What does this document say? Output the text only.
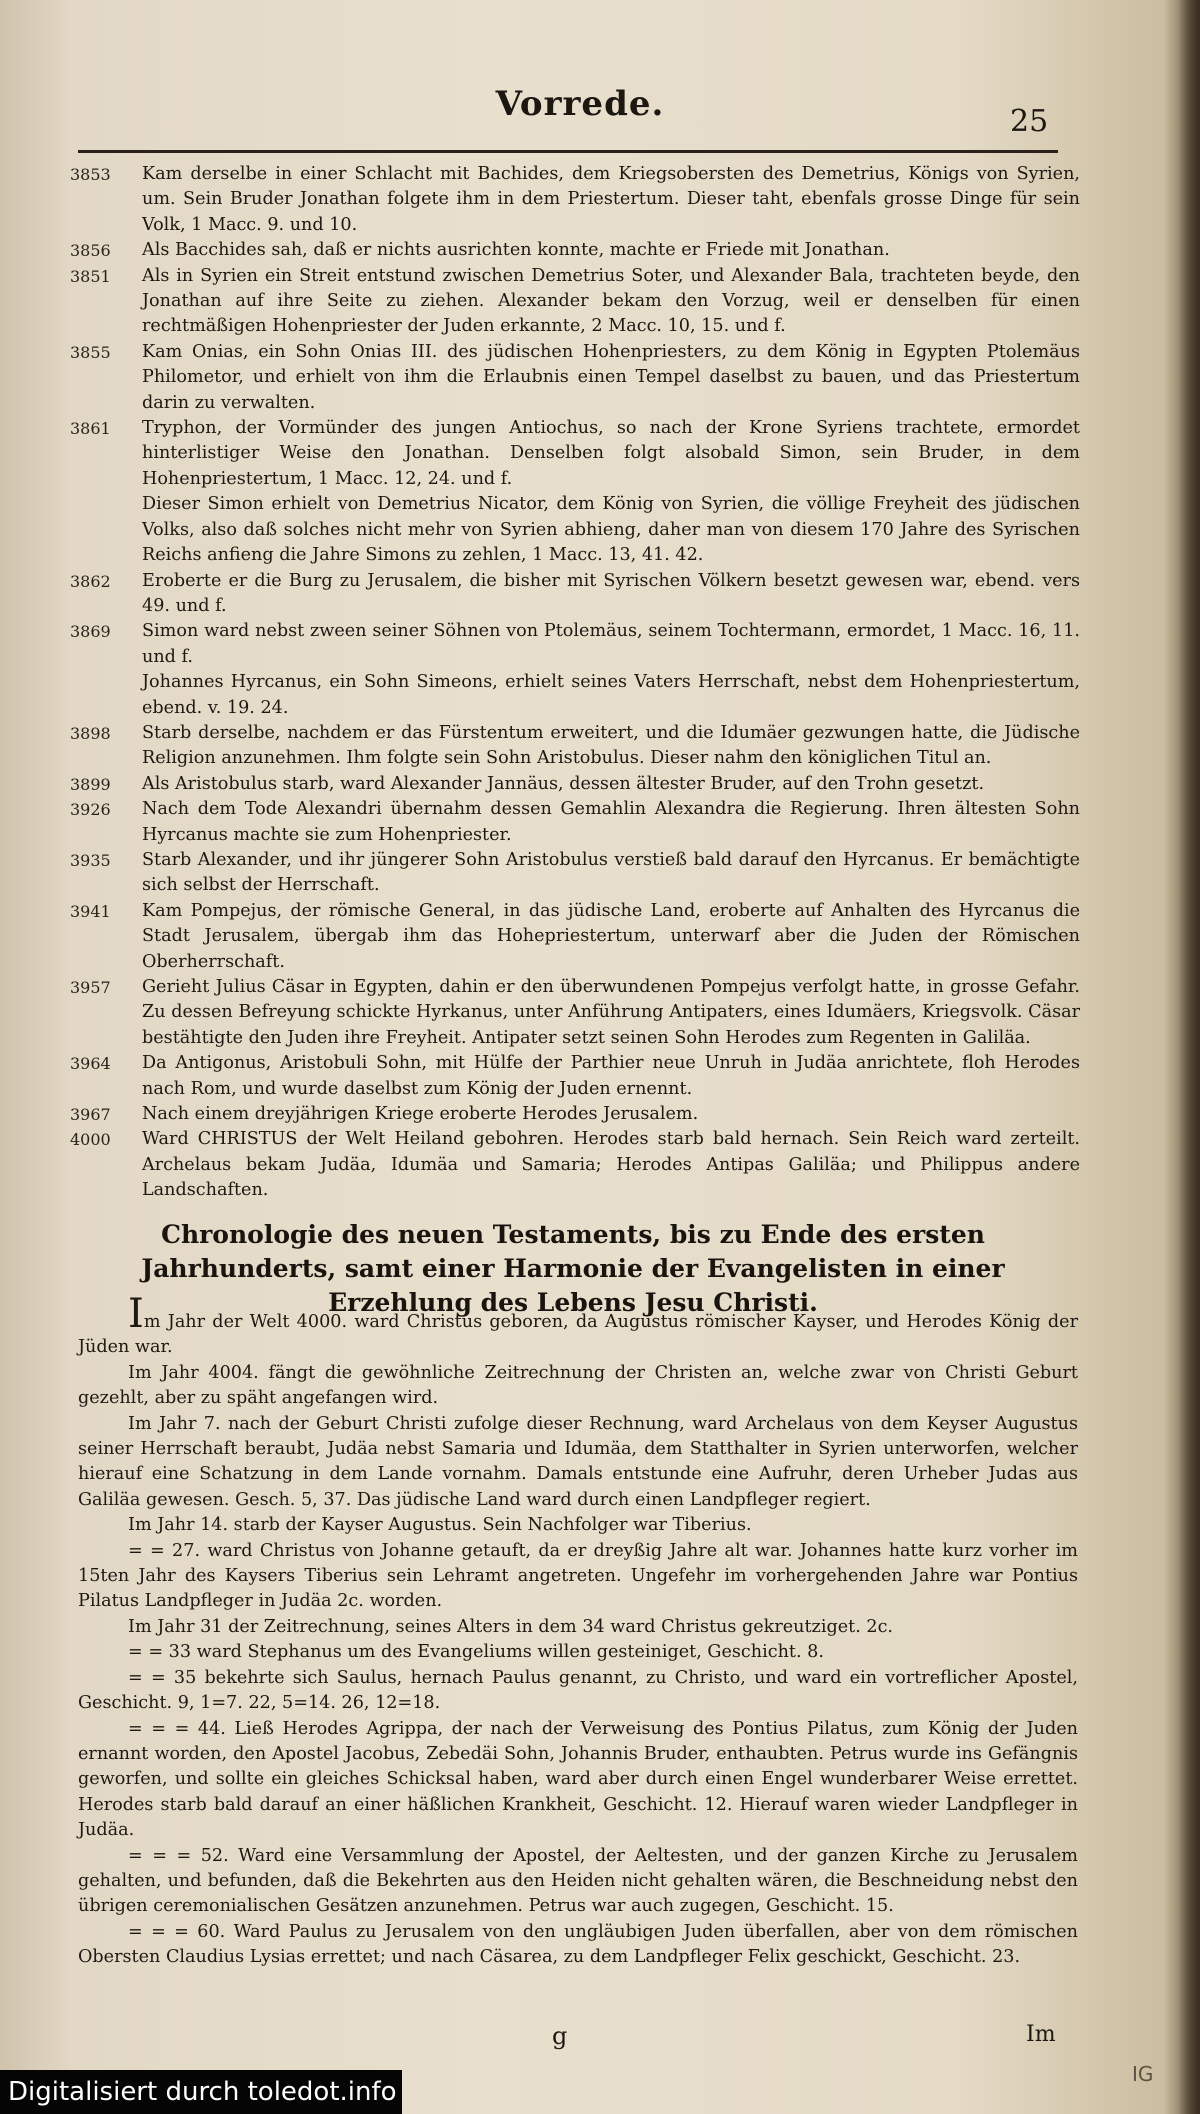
Vorrede.	25
3853	Kam derselbe in einer Schlacht mit Bachides, dem Kriegsobersten des Demetrius, Königs von Syrien, um. Sein Bruder Jonathan folgete ihm in dem Priestertum. Dieser taht, ebenfals grosse Dinge für sein Volk, 1 Macc. 9. und 10.
3856	Als Bacchides sah, daß er nichts ausrichten konnte, machte er Friede mit Jonathan.
3851	Als in Syrien ein Streit entstund zwischen Demetrius Soter, und Alexander Bala, trachteten beyde, den Jonathan auf ihre Seite zu ziehen. Alexander bekam den Vorzug, weil er denselben für einen rechtmäßigen Hohenpriester der Juden erkannte, 2 Macc. 10, 15. und f.
3855	Kam Onias, ein Sohn Onias III. des jüdischen Hohenpriesters, zu dem König in Egypten Ptolemäus Philometor, und erhielt von ihm die Erlaubnis einen Tempel daselbst zu bauen, und das Priestertum darin zu verwalten.
3861	Tryphon, der Vormünder des jungen Antiochus, so nach der Krone Syriens trachtete, ermordet hinterlistiger Weise den Jonathan. Denselben folgt alsobald Simon, sein Bruder, in dem Hohenpriestertum, 1 Macc. 12, 24. und f.
Dieser Simon erhielt von Demetrius Nicator, dem König von Syrien, die völlige Freyheit des jüdischen Volks, also daß solches nicht mehr von Syrien abhieng, daher man von diesem 170 Jahre des Syrischen Reichs anfieng die Jahre Simons zu zehlen, 1 Macc. 13, 41. 42.
3862	Eroberte er die Burg zu Jerusalem, die bisher mit Syrischen Völkern besetzt gewesen war, ebend. vers 49. und f.
3869	Simon ward nebst zween seiner Söhnen von Ptolemäus, seinem Tochtermann, ermordet, 1 Macc. 16, 11. und f.
Johannes Hyrcanus, ein Sohn Simeons, erhielt seines Vaters Herrschaft, nebst dem Hohenpriestertum, ebend. v. 19. 24.
3898	Starb derselbe, nachdem er das Fürstentum erweitert, und die Idumäer gezwungen hatte, die Jüdische Religion anzunehmen. Ihm folgte sein Sohn Aristobulus. Dieser nahm den königlichen Titul an.
3899	Als Aristobulus starb, ward Alexander Jannäus, dessen ältester Bruder, auf den Trohn gesetzt.
3926	Nach dem Tode Alexandri übernahm dessen Gemahlin Alexandra die Regierung. Ihren ältesten Sohn Hyrcanus machte sie zum Hohenpriester.
3935	Starb Alexander, und ihr jüngerer Sohn Aristobulus verstieß bald darauf den Hyrcanus. Er bemächtigte sich selbst der Herrschaft.
3941	Kam Pompejus, der römische General, in das jüdische Land, eroberte auf Anhalten des Hyrcanus die Stadt Jerusalem, übergab ihm das Hohepriestertum, unterwarf aber die Juden der Römischen Oberherrschaft.
3957	Gerieht Julius Cäsar in Egypten, dahin er den überwundenen Pompejus verfolgt hatte, in grosse Gefahr. Zu dessen Befreyung schickte Hyrkanus, unter Anführung Antipaters, eines Idumäers, Kriegsvolk. Cäsar bestähtigte den Juden ihre Freyheit. Antipater setzt seinen Sohn Herodes zum Regenten in Galiläa.
3964	Da Antigonus, Aristobuli Sohn, mit Hülfe der Parthier neue Unruh in Judäa anrichtete, floh Herodes nach Rom, und wurde daselbst zum König der Juden ernennt.
3967	Nach einem dreyjährigen Kriege eroberte Herodes Jerusalem.
4000	Ward CHRISTUS der Welt Heiland gebohren. Herodes starb bald hernach. Sein Reich ward zerteilt. Archelaus bekam Judäa, Idumäa und Samaria; Herodes Antipas Galiläa; und Philippus andere Landschaften.
Chronologie des neuen Testaments, bis zu Ende des ersten Jahrhunderts, samt einer Harmonie der Evangelisten in einer Erzehlung des Lebens Jesu Christi.

Im Jahr der Welt 4000. ward Christus geboren, da Augustus römischer Kayser, und Herodes König der Jüden war.

Im Jahr 4004. fängt die gewöhnliche Zeitrechnung der Christen an, welche zwar von Christi Geburt gezehlt, aber zu späht angefangen wird.

Im Jahr 7. nach der Geburt Christi zufolge dieser Rechnung, ward Archelaus von dem Keyser Augustus seiner Herrschaft beraubt, Judäa nebst Samaria und Idumäa, dem Statthalter in Syrien unterworfen, welcher hierauf eine Schatzung in dem Lande vornahm. Damals entstunde eine Aufruhr, deren Urheber Judas aus Galiläa gewesen. Gesch. 5, 37. Das jüdische Land ward durch einen Landpfleger regiert.

Im Jahr 14. starb der Kayser Augustus. Sein Nachfolger war Tiberius.

= = 27. ward Christus von Johanne getauft, da er dreyßig Jahre alt war. Johannes hatte kurz vorher im 15ten Jahr des Kaysers Tiberius sein Lehramt angetreten. Ungefehr im vorhergehenden Jahre war Pontius Pilatus Landpfleger in Judäa 2c. worden.

Im Jahr 31 der Zeitrechnung, seines Alters in dem 34 ward Christus gekreutziget. 2c.

= = 33 ward Stephanus um des Evangeliums willen gesteiniget, Geschicht. 8.

= = 35 bekehrte sich Saulus, hernach Paulus genannt, zu Christo, und ward ein vortreflicher Apostel, Geschicht. 9, 1=7. 22, 5=14. 26, 12=18.

= = = 44. Ließ Herodes Agrippa, der nach der Verweisung des Pontius Pilatus, zum König der Juden ernannt worden, den Apostel Jacobus, Zebedäi Sohn, Johannis Bruder, enthaubten. Petrus wurde ins Gefängnis geworfen, und sollte ein gleiches Schicksal haben, ward aber durch einen Engel wunderbarer Weise errettet. Herodes starb bald darauf an einer häßlichen Krankheit, Geschicht. 12. Hierauf waren wieder Landpfleger in Judäa.

= = = 52. Ward eine Versammlung der Apostel, der Aeltesten, und der ganzen Kirche zu Jerusalem gehalten, und befunden, daß die Bekehrten aus den Heiden nicht gehalten wären, die Beschneidung nebst den übrigen ceremonialischen Gesätzen anzunehmen. Petrus war auch zugegen, Geschicht. 15.

= = = 60. Ward Paulus zu Jerusalem von den ungläubigen Juden überfallen, aber von dem römischen Obersten Claudius Lysias errettet; und nach Cäsarea, zu dem Landpfleger Felix geschickt, Geschicht. 23.

g	Im
IG
Digitalisiert durch toledot.info
